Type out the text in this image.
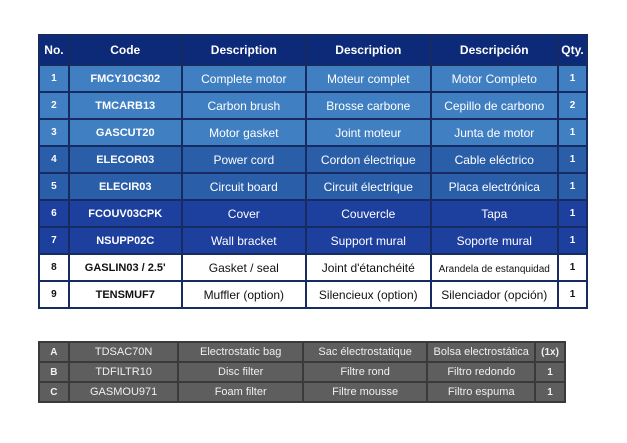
No.	Code	Description	Description	Descripción	Qty.
1	FMCY10C302	Complete motor	Moteur complet	Motor Completo	1
2	TMCARB13	Carbon brush	Brosse carbone	Cepillo de carbono	2
3	GASCUT20	Motor gasket	Joint moteur	Junta de motor	1
4	ELECOR03	Power cord	Cordon électrique	Cable eléctrico	1
5	ELECIR03	Circuit board	Circuit électrique	Placa electrónica	1
6	FCOUV03CPK	Cover	Couvercle	Tapa	1
7	NSUPP02C	Wall bracket	Support mural	Soporte mural	1
8	GASLIN03 / 2.5'	Gasket / seal	Joint d'étanchéité	Arandela de estanquidad	1
9	TENSMUF7	Muffler (option)	Silencieux (option)	Silenciador (opción)	1
A	TDSAC70N	Electrostatic bag	Sac électrostatique	Bolsa electrostática	(1x)
B	TDFILTR10	Disc filter	Filtre rond	Filtro redondo	1
C	GASMOU971	Foam filter	Filtre mousse	Filtro espuma	1
